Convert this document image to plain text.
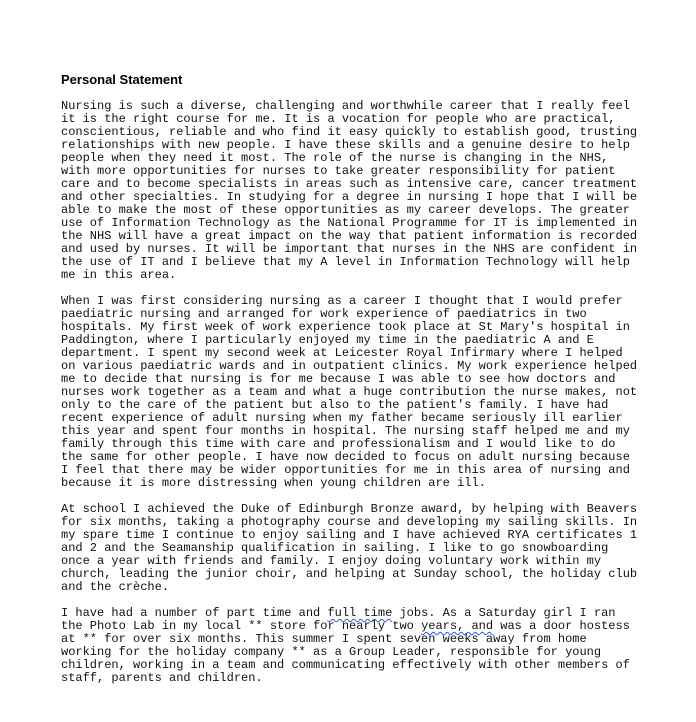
Personal Statement
Nursing is such a diverse, challenging and worthwhile career that I really feel
it is the right course for me. It is a vocation for people who are practical,
conscientious, reliable and who find it easy quickly to establish good, trusting
relationships with new people. I have these skills and a genuine desire to help
people when they need it most. The role of the nurse is changing in the NHS,
with more opportunities for nurses to take greater responsibility for patient
care and to become specialists in areas such as intensive care, cancer treatment
and other specialties. In studying for a degree in nursing I hope that I will be
able to make the most of these opportunities as my career develops. The greater
use of Information Technology as the National Programme for IT is implemented in
the NHS will have a great impact on the way that patient information is recorded
and used by nurses. It will be important that nurses in the NHS are confident in
the use of IT and I believe that my A level in Information Technology will help
me in this area.
When I was first considering nursing as a career I thought that I would prefer
paediatric nursing and arranged for work experience of paediatrics in two
hospitals. My first week of work experience took place at St Mary's hospital in
Paddington, where I particularly enjoyed my time in the paediatric A and E
department. I spent my second week at Leicester Royal Infirmary where I helped
on various paediatric wards and in outpatient clinics. My work experience helped
me to decide that nursing is for me because I was able to see how doctors and
nurses work together as a team and what a huge contribution the nurse makes, not
only to the care of the patient but also to the patient's family. I have had
recent experience of adult nursing when my father became seriously ill earlier
this year and spent four months in hospital. The nursing staff helped me and my
family through this time with care and professionalism and I would like to do
the same for other people. I have now decided to focus on adult nursing because
I feel that there may be wider opportunities for me in this area of nursing and
because it is more distressing when young children are ill.
At school I achieved the Duke of Edinburgh Bronze award, by helping with Beavers
for six months, taking a photography course and developing my sailing skills. In
my spare time I continue to enjoy sailing and I have achieved RYA certificates 1
and 2 and the Seamanship qualification in sailing. I like to go snowboarding
once a year with friends and family. I enjoy doing voluntary work within my
church, leading the junior choir, and helping at Sunday school, the holiday club
and the crèche.
I have had a number of part time and full time jobs. As a Saturday girl I ran
the Photo Lab in my local ** store for nearly two years, and was a door hostess
at ** for over six months. This summer I spent seven weeks away from home
working for the holiday company ** as a Group Leader, responsible for young
children, working in a team and communicating effectively with other members of
staff, parents and children.
